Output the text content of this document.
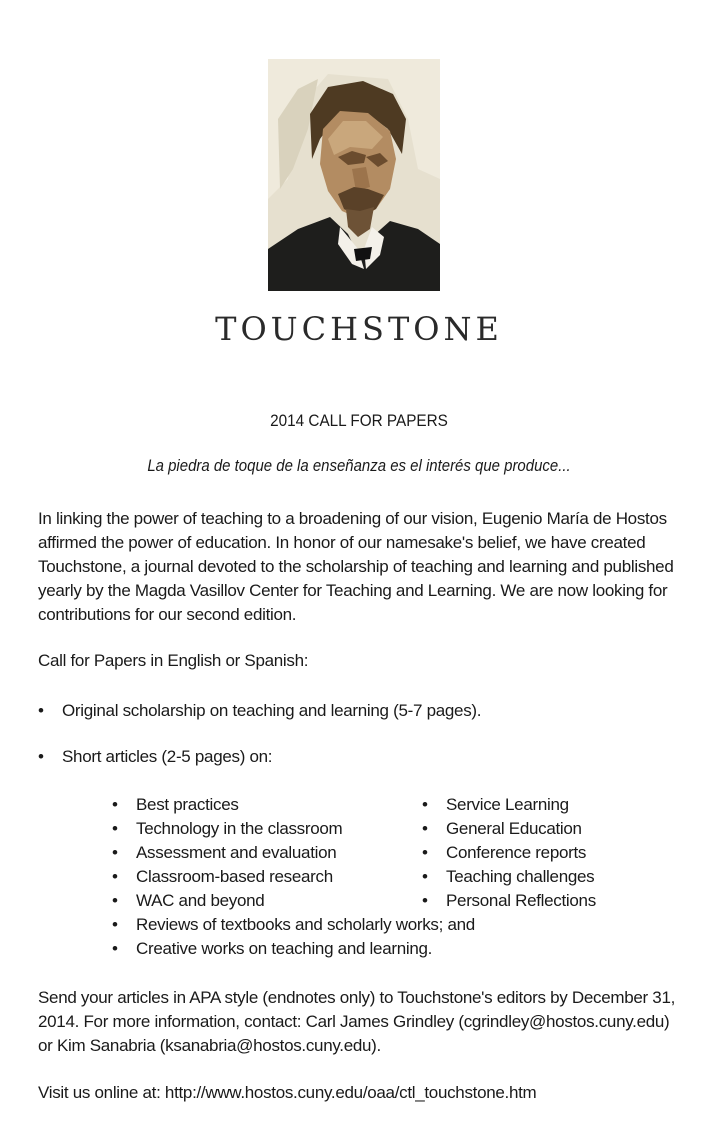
TOUCHSTONE
2014 CALL FOR PAPERS
La piedra de toque de la enseñanza es el interés que produce...

In linking the power of teaching to a broadening of our vision, Eugenio María de Hostos affirmed the power of education. In honor of our namesake's belief, we have created Touchstone, a journal devoted to the scholarship of teaching and learning and published yearly by the Magda Vasillov Center for Teaching and Learning. We are now looking for contributions for our second edition.

Call for Papers in English or Spanish:
• Original scholarship on teaching and learning (5-7 pages).
• Short articles (2-5 pages) on:
• Best practices
• Technology in the classroom
• Assessment and evaluation
• Classroom-based research
• WAC and beyond
• Reviews of textbooks and scholarly works; and
• Creative works on teaching and learning.
• Service Learning
• General Education
• Conference reports
• Teaching challenges
• Personal Reflections

Send your articles in APA style (endnotes only) to Touchstone's editors by December 31, 2014. For more information, contact: Carl James Grindley (cgrindley@hostos.cuny.edu) or Kim Sanabria (ksanabria@hostos.cuny.edu).

Visit us online at: http://www.hostos.cuny.edu/oaa/ctl_touchstone.htm
